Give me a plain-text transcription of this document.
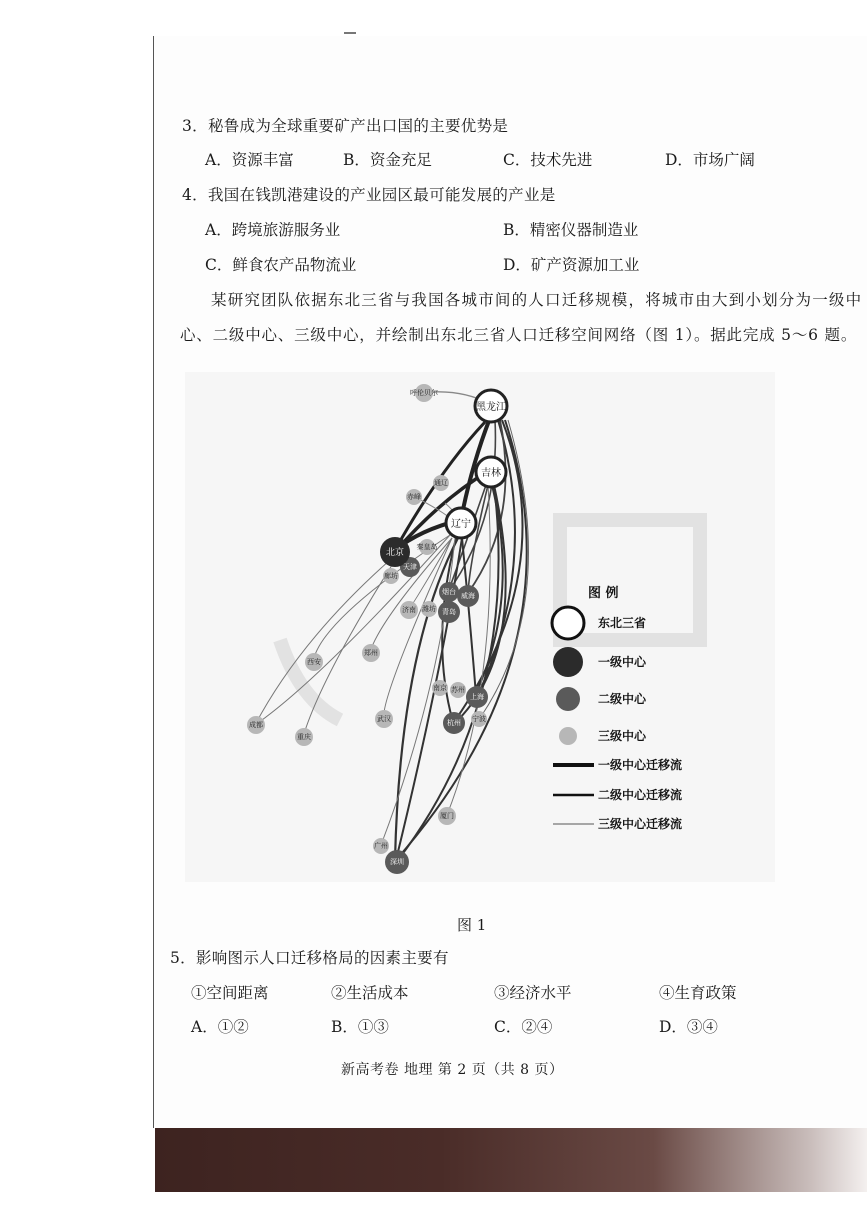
3．秘鲁成为全球重要矿产出口国的主要优势是
A．资源丰富	B．资金充足	C．技术先进	D．市场广阔
4．我国在钱凯港建设的产业园区最可能发展的产业是
A．跨境旅游服务业	B．精密仪器制造业
C．鲜食农产品物流业	D．矿产资源加工业
某研究团队依据东北三省与我国各城市间的人口迁移规模，将城市由大到小划分为一级中
心、二级中心、三级中心，并绘制出东北三省人口迁移空间网络（图 1）。据此完成 5～6 题。
呼伦贝尔
通辽
赤峰
秦皇岛
廊坊
济南 潍坊
郑州
西安
成都
重庆
武汉
南京 苏州
宁波
厦门
广州
天津
烟台 威海
青岛
上海
杭州
深圳
北京
黑龙江
吉林
辽宁
图 例
东北三省
一级中心
二级中心
三级中心
一级中心迁移流
二级中心迁移流
三级中心迁移流
图 1
5．影响图示人口迁移格局的因素主要有
①空间距离	②生活成本	③经济水平	④生育政策
A．①②	B．①③	C．②④	D．③④
新高考卷 地理 第 2 页（共 8 页）
